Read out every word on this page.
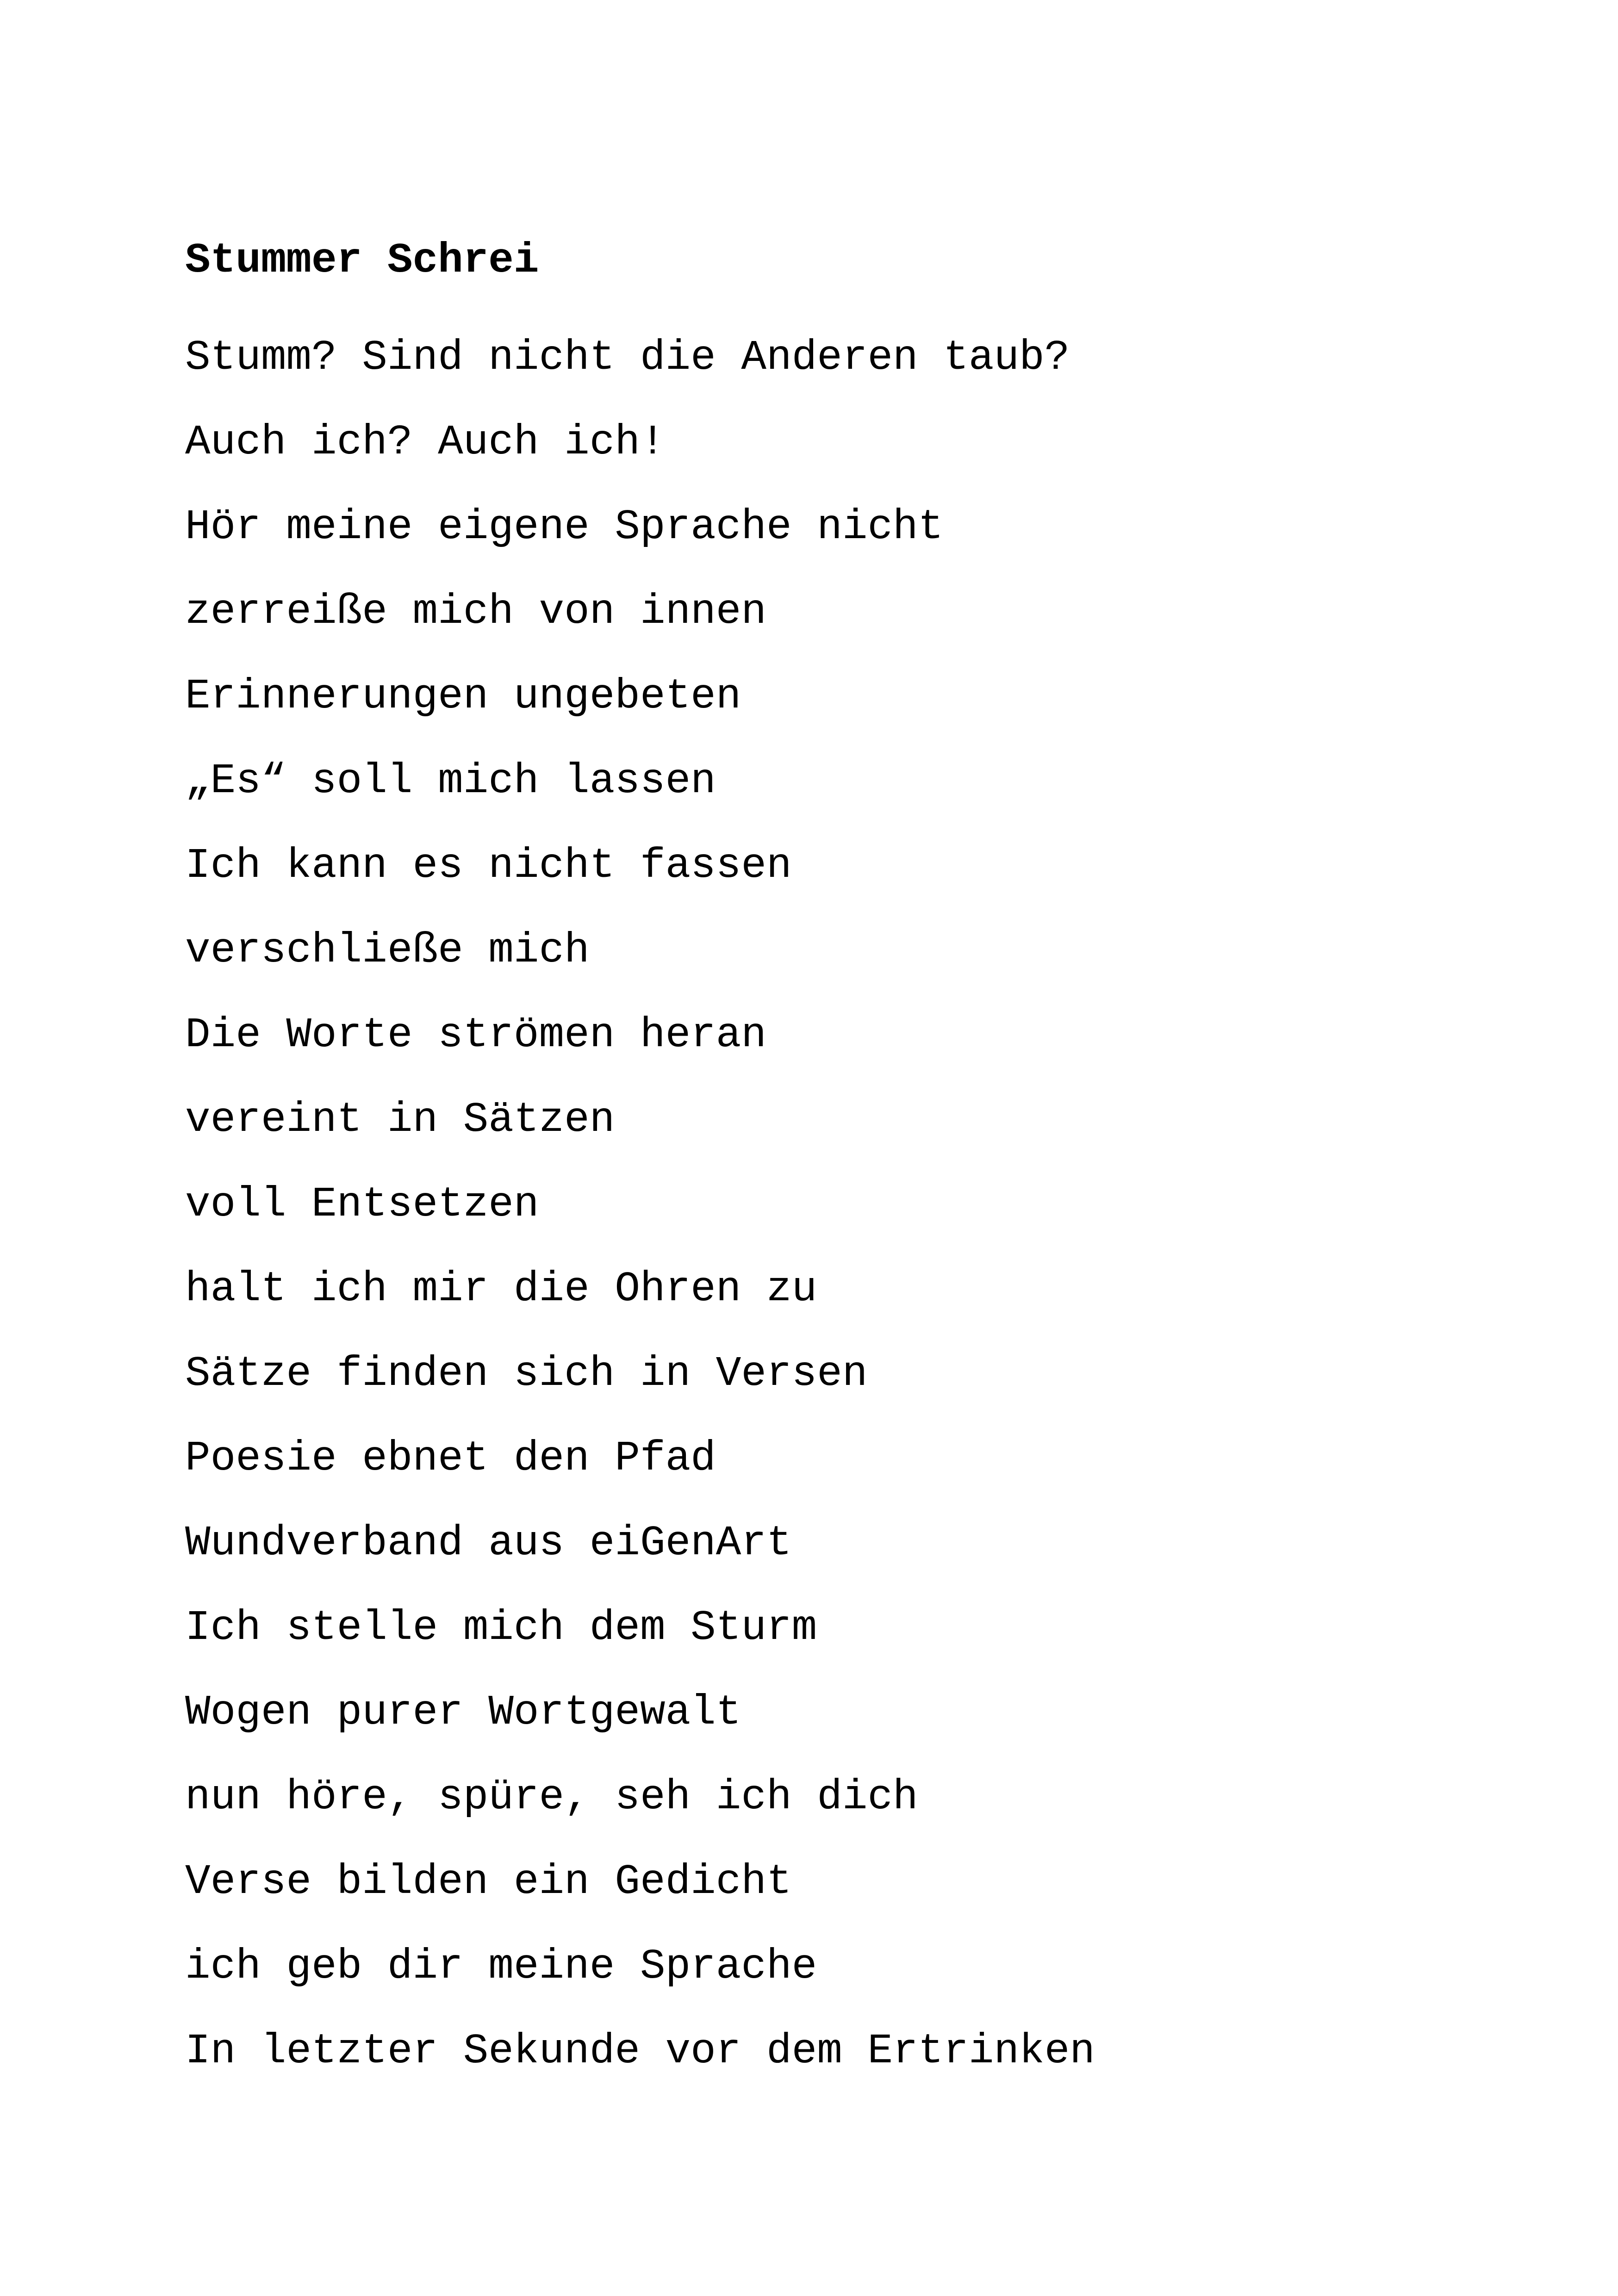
Stummer Schrei
Stumm? Sind nicht die Anderen taub?
Auch ich? Auch ich!
Hör meine eigene Sprache nicht
zerreiße mich von innen
Erinnerungen ungebeten
„Es“ soll mich lassen
Ich kann es nicht fassen
verschließe mich
Die Worte strömen heran
vereint in Sätzen
voll Entsetzen
halt ich mir die Ohren zu
Sätze finden sich in Versen
Poesie ebnet den Pfad
Wundverband aus eiGenArt
Ich stelle mich dem Sturm
Wogen purer Wortgewalt
nun höre, spüre, seh ich dich
Verse bilden ein Gedicht
ich geb dir meine Sprache
In letzter Sekunde vor dem Ertrinken
